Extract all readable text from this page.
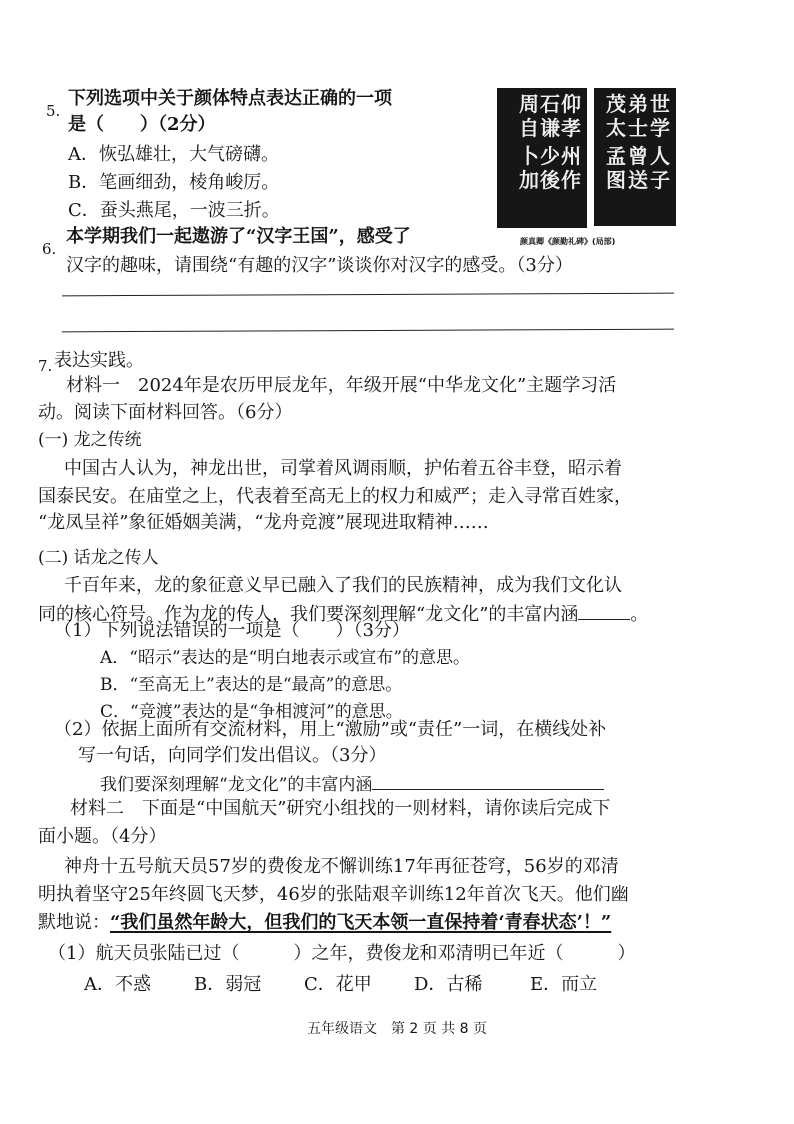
5.
下列选项中关于颜体特点表达正确的一项
是（　　）（2分）
A．恢弘雄壮，大气磅礴。
B．笔画细劲，棱角峻厉。
C．蚕头燕尾，一波三折。
仰孝
石谦
周自
州作
少後
卜加
世学
弟士
茂太
人子
曾送
孟图
颜真卿《颜勤礼碑》(局部)
6.
本学期我们一起遨游了“汉字王国”，感受了
汉字的趣味，请围绕“有趣的汉字”谈谈你对汉字的感受。（3分）
7. 表达实践。
材料一　2024年是农历甲辰龙年，年级开展“中华龙文化”主题学习活
动。阅读下面材料回答。（6分）
(一) 龙之传统
中国古人认为，神龙出世，司掌着风调雨顺，护佑着五谷丰登，昭示着
国泰民安。在庙堂之上，代表着至高无上的权力和威严；走入寻常百姓家，
“龙凤呈祥”象征婚姻美满，“龙舟竞渡”展现进取精神……
(二) 话龙之传人
千百年来，龙的象征意义早已融入了我们的民族精神，成为我们文化认
同的核心符号。作为龙的传人，我们要深刻理解“龙文化”的丰富内涵	。
（1）下列说法错误的一项是（　　）（3分）
A．“昭示”表达的是“明白地表示或宣布”的意思。
B．“至高无上”表达的是“最高”的意思。
C．“竞渡”表达的是“争相渡河”的意思。
（2）依据上面所有交流材料，用上“激励”或“责任”一词，在横线处补
写一句话，向同学们发出倡议。（3分）
我们要深刻理解“龙文化”的丰富内涵
材料二　下面是“中国航天”研究小组找的一则材料，请你读后完成下
面小题。（4分）
神舟十五号航天员57岁的费俊龙不懈训练17年再征苍穹，56岁的邓清
明执着坚守25年终圆飞天梦，46岁的张陆艰辛训练12年首次飞天。他们幽
默地说：“我们虽然年龄大，但我们的飞天本领一直保持着‘青春状态’！”
（1）航天员张陆已过（　　　）之年，费俊龙和邓清明已年近（　　　）
A．不惑 B．弱冠 C．花甲 D．古稀	E．而立
五年级语文　第 2 页 共 8 页
